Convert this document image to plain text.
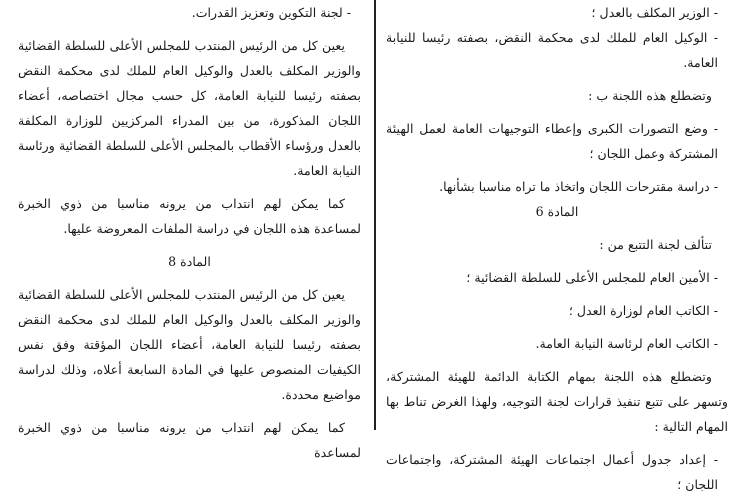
- الوزير المكلف بالعدل ؛

- الوكيل العام للملك لدى محكمة النقض، بصفته رئيسا للنيابة العامة.

وتضطلع هذه اللجنة ب :

- وضع التصورات الكبرى وإعطاء التوجيهات العامة لعمل الهيئة المشتركة وعمل اللجان ؛

- دراسة مقترحات اللجان واتخاذ ما تراه مناسبا بشأنها.

المادة 6

تتألف لجنة التتبع من :

- الأمين العام للمجلس الأعلى للسلطة القضائية ؛

- الكاتب العام لوزارة العدل ؛

- الكاتب العام لرئاسة النيابة العامة.

وتضطلع هذه اللجنة بمهام الكتابة الدائمة للهيئة المشتركة، وتسهر على تتبع تنفيذ قرارات لجنة التوجيه، ولهذا الغرض تناط بها المهام التالية :

- إعداد جدول أعمال اجتماعات الهيئة المشتركة، واجتماعات اللجان ؛

- لجنة التكوين وتعزيز القدرات.

يعين كل من الرئيس المنتدب للمجلس الأعلى للسلطة القضائية والوزير المكلف بالعدل والوكيل العام للملك لدى محكمة النقض بصفته رئيسا للنيابة العامة، كل حسب مجال اختصاصه، أعضاء اللجان المذكورة، من بين المدراء المركزيين للوزارة المكلفة بالعدل ورؤساء الأقطاب بالمجلس الأعلى للسلطة القضائية ورئاسة النيابة العامة.

كما يمكن لهم انتداب من يرونه مناسبا من ذوي الخبرة لمساعدة هذه اللجان في دراسة الملفات المعروضة عليها.

المادة 8

يعين كل من الرئيس المنتدب للمجلس الأعلى للسلطة القضائية والوزير المكلف بالعدل والوكيل العام للملك لدى محكمة النقض بصفته رئيسا للنيابة العامة، أعضاء اللجان المؤقتة وفق نفس الكيفيات المنصوص عليها في المادة السابعة أعلاه، وذلك لدراسة مواضيع محددة.

كما يمكن لهم انتداب من يرونه مناسبا من ذوي الخبرة لمساعدة
